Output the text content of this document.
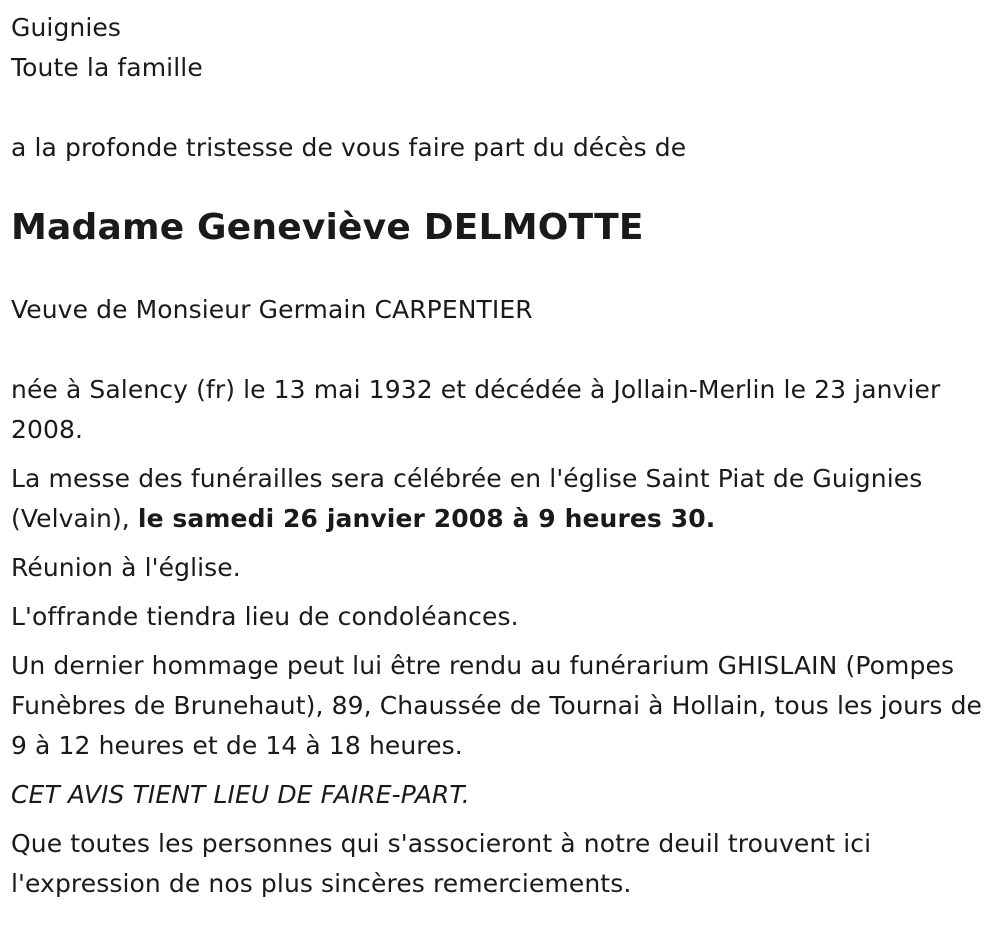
Guignies

Toute la famille

a la profonde tristesse de vous faire part du décès de

Madame Geneviève DELMOTTE

Veuve de Monsieur Germain CARPENTIER

née à Salency (fr) le 13 mai 1932 et décédée à Jollain-Merlin le 23 janvier 2008.

La messe des funérailles sera célébrée en l'église Saint Piat de Guignies (Velvain), le samedi 26 janvier 2008 à 9 heures 30.

Réunion à l'église.

L'offrande tiendra lieu de condoléances.

Un dernier hommage peut lui être rendu au funérarium GHISLAIN (Pompes Funèbres de Brunehaut), 89, Chaussée de Tournai à Hollain, tous les jours de 9 à 12 heures et de 14 à 18 heures.

CET AVIS TIENT LIEU DE FAIRE-PART.

Que toutes les personnes qui s'associeront à notre deuil trouvent ici l'expression de nos plus sincères remerciements.
